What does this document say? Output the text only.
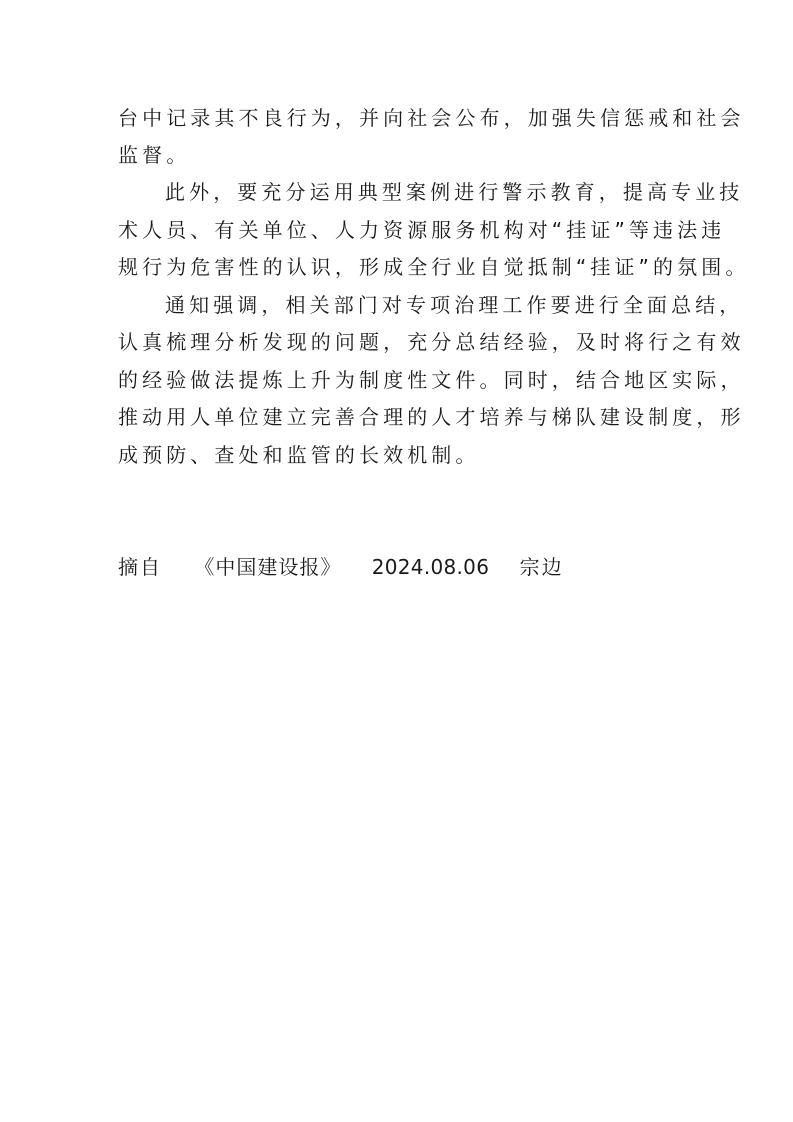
台中记录其不良行为，并向社会公布，加强失信惩戒和社会
监督。
此外，要充分运用典型案例进行警示教育，提高专业技
术人员、有关单位、人力资源服务机构对“挂证”等违法违
规行为危害性的认识，形成全行业自觉抵制“挂证”的氛围。
通知强调，相关部门对专项治理工作要进行全面总结，
认真梳理分析发现的问题，充分总结经验，及时将行之有效
的经验做法提炼上升为制度性文件。同时，结合地区实际，
推动用人单位建立完善合理的人才培养与梯队建设制度，形
成预防、查处和监管的长效机制。
摘自 《中国建设报》 2024.08.06 宗边
